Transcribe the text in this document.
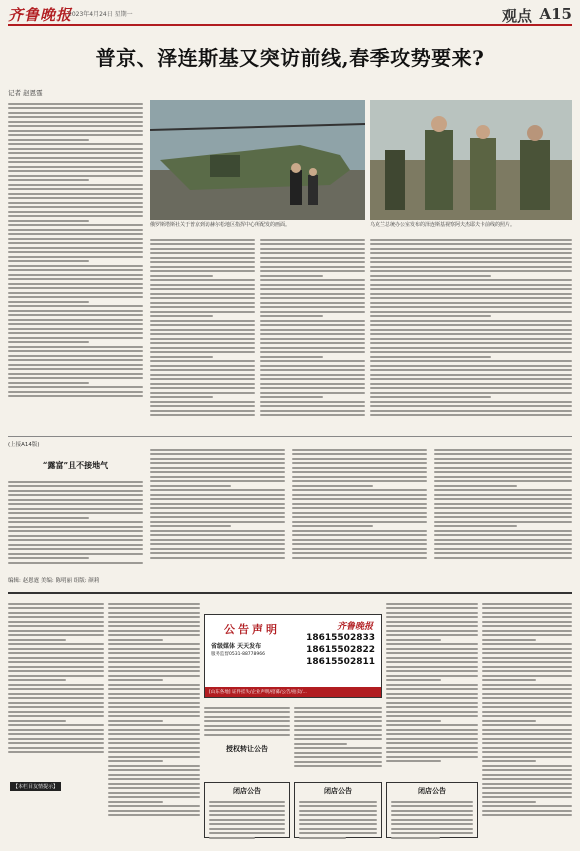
齐鲁晚报
2023年4月24日 星期一	观点 A15
普京、泽连斯基又突访前线,春季攻势要来?
记者 赵恩霆
俄罗斯塔斯社关于普京到访赫尔松地区指挥中心所配发的画面。	乌克兰总统办公室发布的泽连斯基视察阿夫杰耶夫卡前线的照片。
(上接A14版)
“露富”且不接地气
编辑: 赵恩霆 美编: 陈明丽 组版: 颜莉
【本栏目友情提示】
公告声明
省级媒体 天天发布
服务监督0531-88778966
齐鲁晚报
18615502833
18615502822
18615502811
[山东各地] 证件挂失/企业声明/招募/公告/拍卖/...
授权转让公告
闭店公告	闭店公告
闭店公告
